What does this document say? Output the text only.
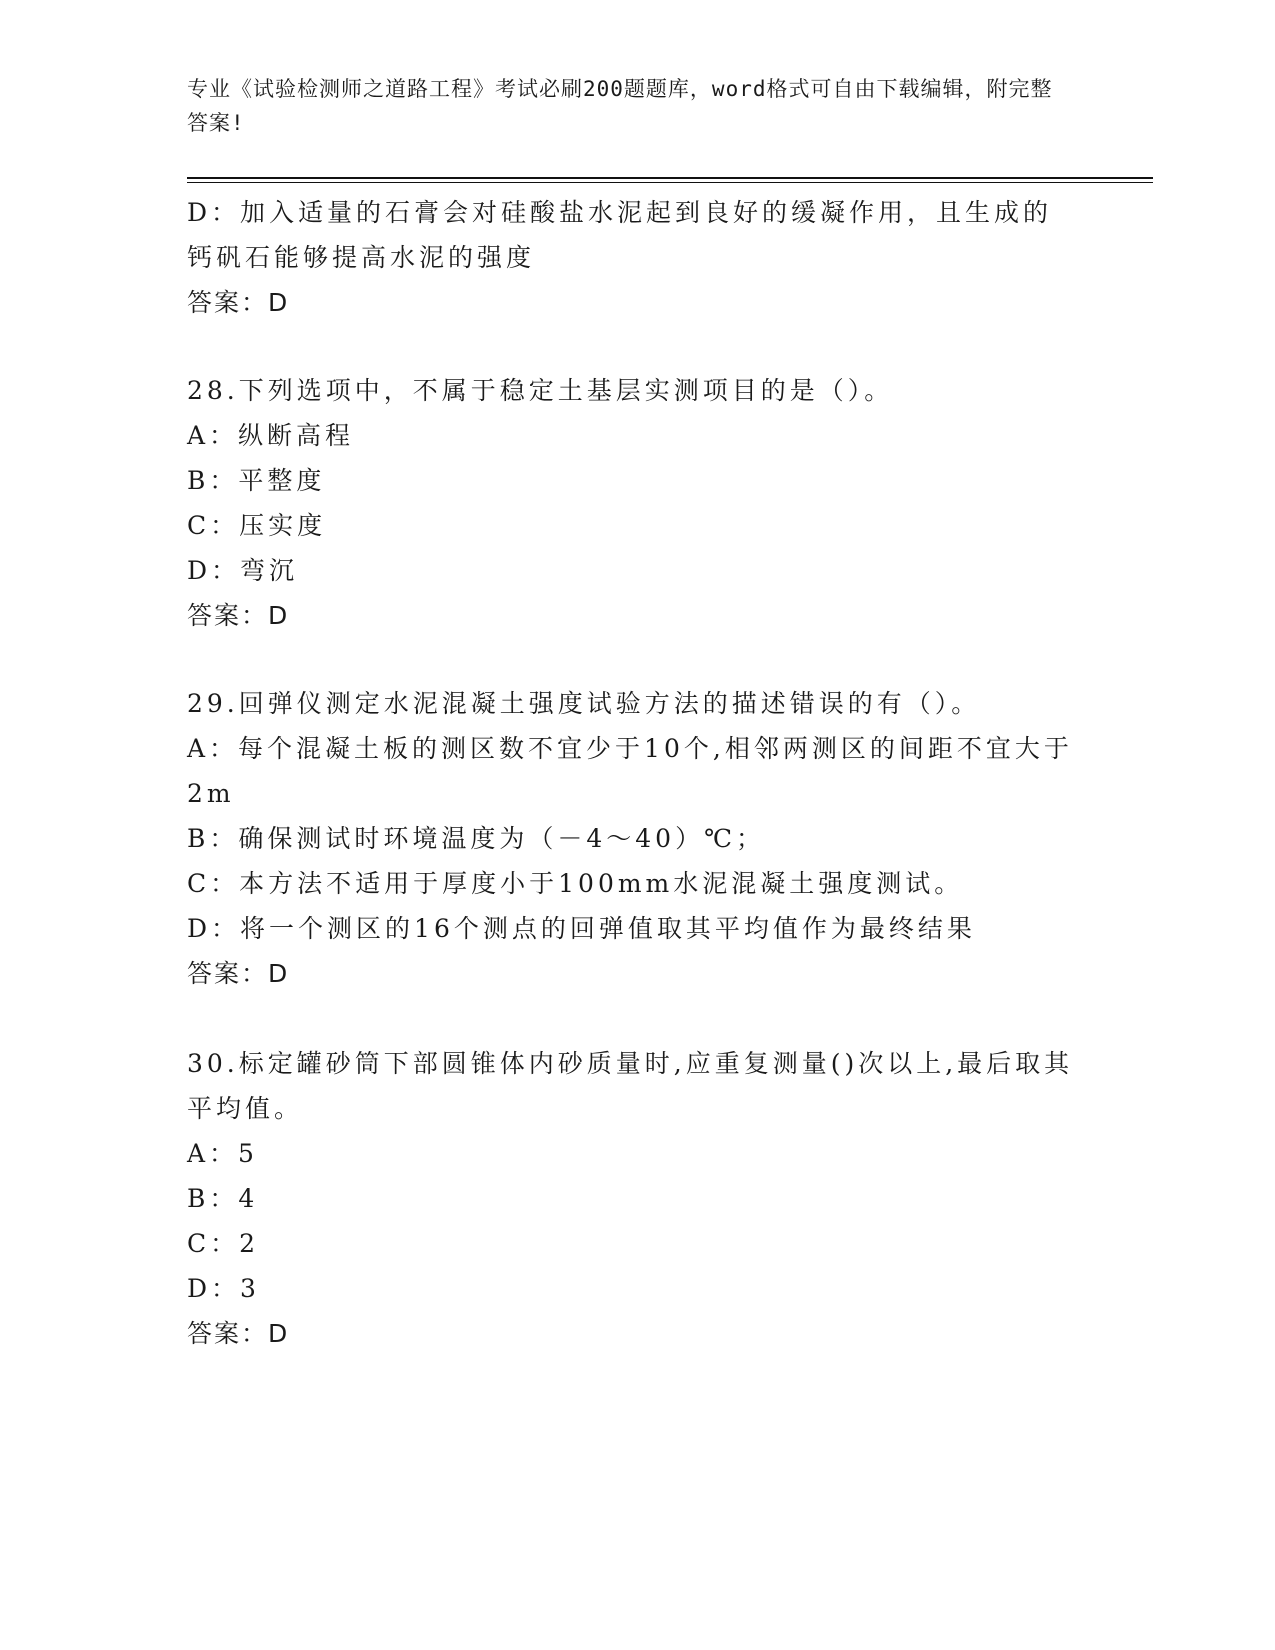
专业《试验检测师之道路工程》考试必刷200题题库，word格式可自由下载编辑，附完整答案!
D：加入适量的石膏会对硅酸盐水泥起到良好的缓凝作用，且生成的钙矾石能够提高水泥的强度
答案：D
28.下列选项中，不属于稳定土基层实测项目的是（）。
A：纵断高程
B：平整度
C：压实度
D：弯沉
答案：D
29.回弹仪测定水泥混凝土强度试验方法的描述错误的有（）。
A：每个混凝土板的测区数不宜少于10个,相邻两测区的间距不宜大于2m
B：确保测试时环境温度为（－4～40）℃；
C：本方法不适用于厚度小于100mm水泥混凝土强度测试。
D：将一个测区的16个测点的回弹值取其平均值作为最终结果
答案：D
30.标定罐砂筒下部圆锥体内砂质量时,应重复测量()次以上,最后取其平均值。
A：5
B：4
C：2
D：3
答案：D
